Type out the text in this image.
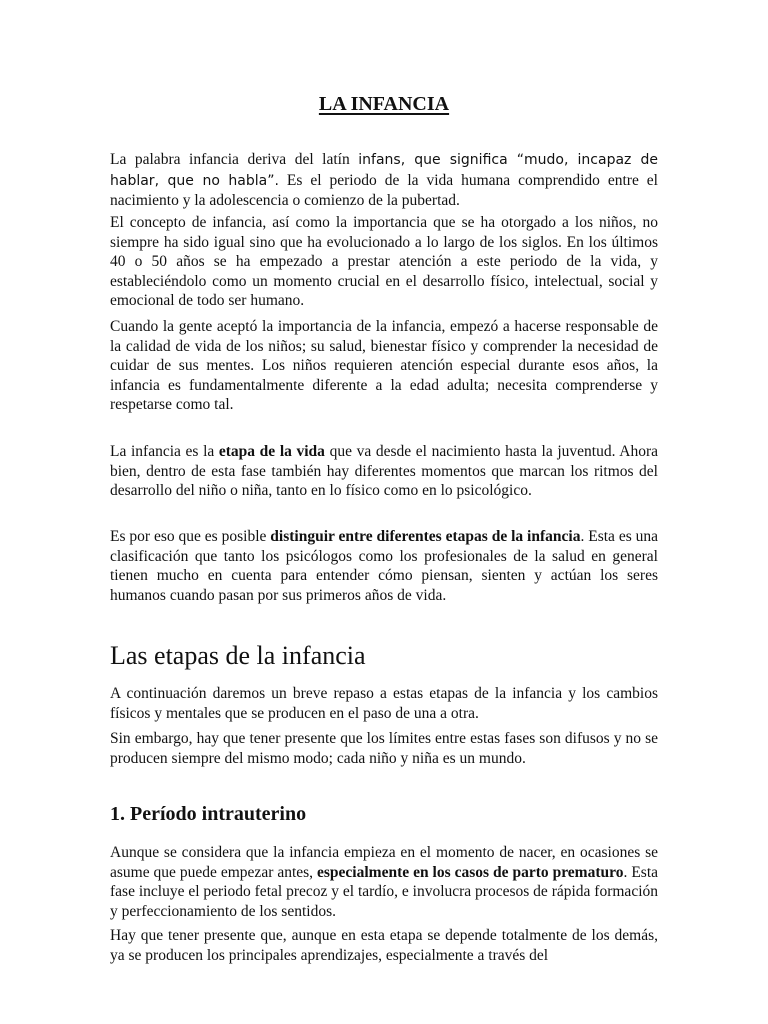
LA INFANCIA

La palabra infancia deriva del latín infans, que significa “mudo, incapaz de hablar, que no habla”. Es el periodo de la vida humana comprendido entre el nacimiento y la adolescencia o comienzo de la pubertad.

El concepto de infancia, así como la importancia que se ha otorgado a los niños, no siempre ha sido igual sino que ha evolucionado a lo largo de los siglos. En los últimos 40 o 50 años se ha empezado a prestar atención a este periodo de la vida, y estableciéndolo como un momento crucial en el desarrollo físico, intelectual, social y emocional de todo ser humano.

Cuando la gente aceptó la importancia de la infancia, empezó a hacerse responsable de la calidad de vida de los niños; su salud, bienestar físico y comprender la necesidad de cuidar de sus mentes. Los niños requieren atención especial durante esos años, la infancia es fundamentalmente diferente a la edad adulta; necesita comprenderse y respetarse como tal.

La infancia es la etapa de la vida que va desde el nacimiento hasta la juventud. Ahora bien, dentro de esta fase también hay diferentes momentos que marcan los ritmos del desarrollo del niño o niña, tanto en lo físico como en lo psicológico.

Es por eso que es posible distinguir entre diferentes etapas de la infancia. Esta es una clasificación que tanto los psicólogos como los profesionales de la salud en general tienen mucho en cuenta para entender cómo piensan, sienten y actúan los seres humanos cuando pasan por sus primeros años de vida.

Las etapas de la infancia

A continuación daremos un breve repaso a estas etapas de la infancia y los cambios físicos y mentales que se producen en el paso de una a otra.

Sin embargo, hay que tener presente que los límites entre estas fases son difusos y no se producen siempre del mismo modo; cada niño y niña es un mundo.

1. Período intrauterino

Aunque se considera que la infancia empieza en el momento de nacer, en ocasiones se asume que puede empezar antes, especialmente en los casos de parto prematuro. Esta fase incluye el periodo fetal precoz y el tardío, e involucra procesos de rápida formación y perfeccionamiento de los sentidos.

Hay que tener presente que, aunque en esta etapa se depende totalmente de los demás, ya se producen los principales aprendizajes, especialmente a través del
